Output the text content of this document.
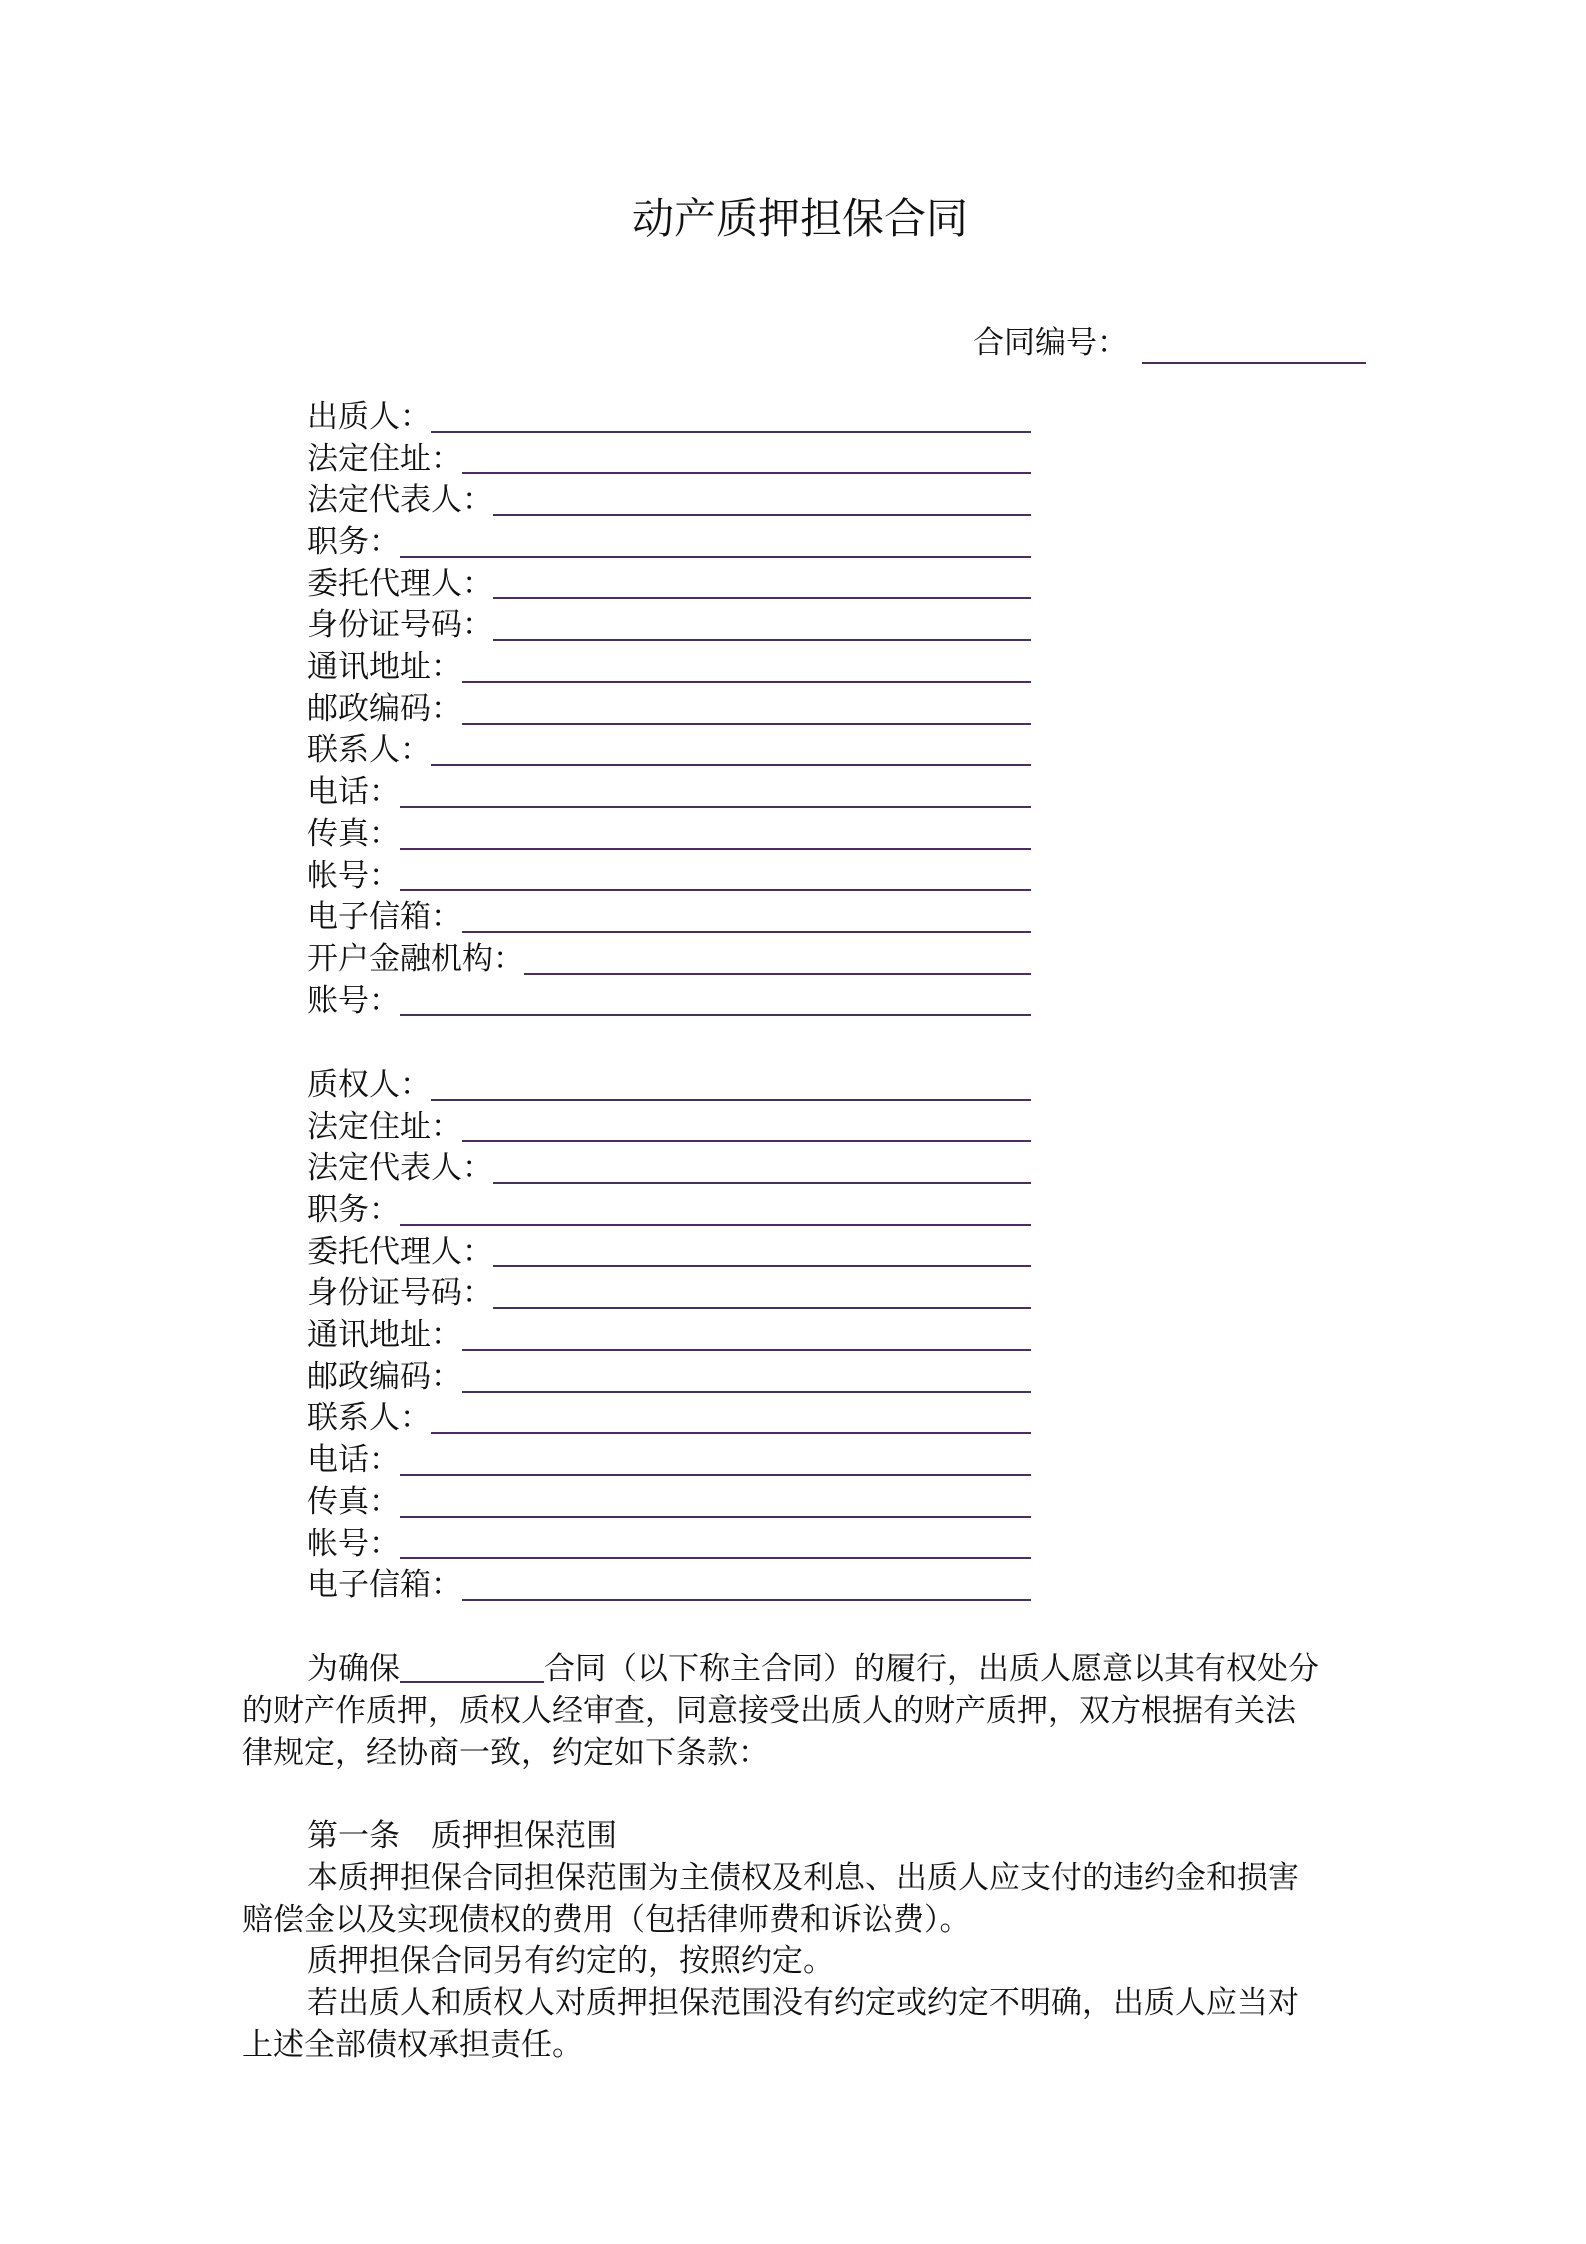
动产质押担保合同
合同编号：
出质人：
法定住址：
法定代表人：
职务：
委托代理人：
身份证号码：
通讯地址：
邮政编码：
联系人：
电话：
传真：
帐号：
电子信箱：
开户金融机构：
账号：
质权人：
法定住址：
法定代表人：
职务：
委托代理人：
身份证号码：
通讯地址：
邮政编码：
联系人：
电话：
传真：
帐号：
电子信箱：
为确保	合同（以下称主合同）的履行，出质人愿意以其有权处分
的财产作质押，质权人经审查，同意接受出质人的财产质押，双方根据有关法
律规定，经协商一致，约定如下条款：
第一条　质押担保范围
本质押担保合同担保范围为主债权及利息、出质人应支付的违约金和损害
赔偿金以及实现债权的费用（包括律师费和诉讼费）。
质押担保合同另有约定的，按照约定。
若出质人和质权人对质押担保范围没有约定或约定不明确，出质人应当对
上述全部债权承担责任。
